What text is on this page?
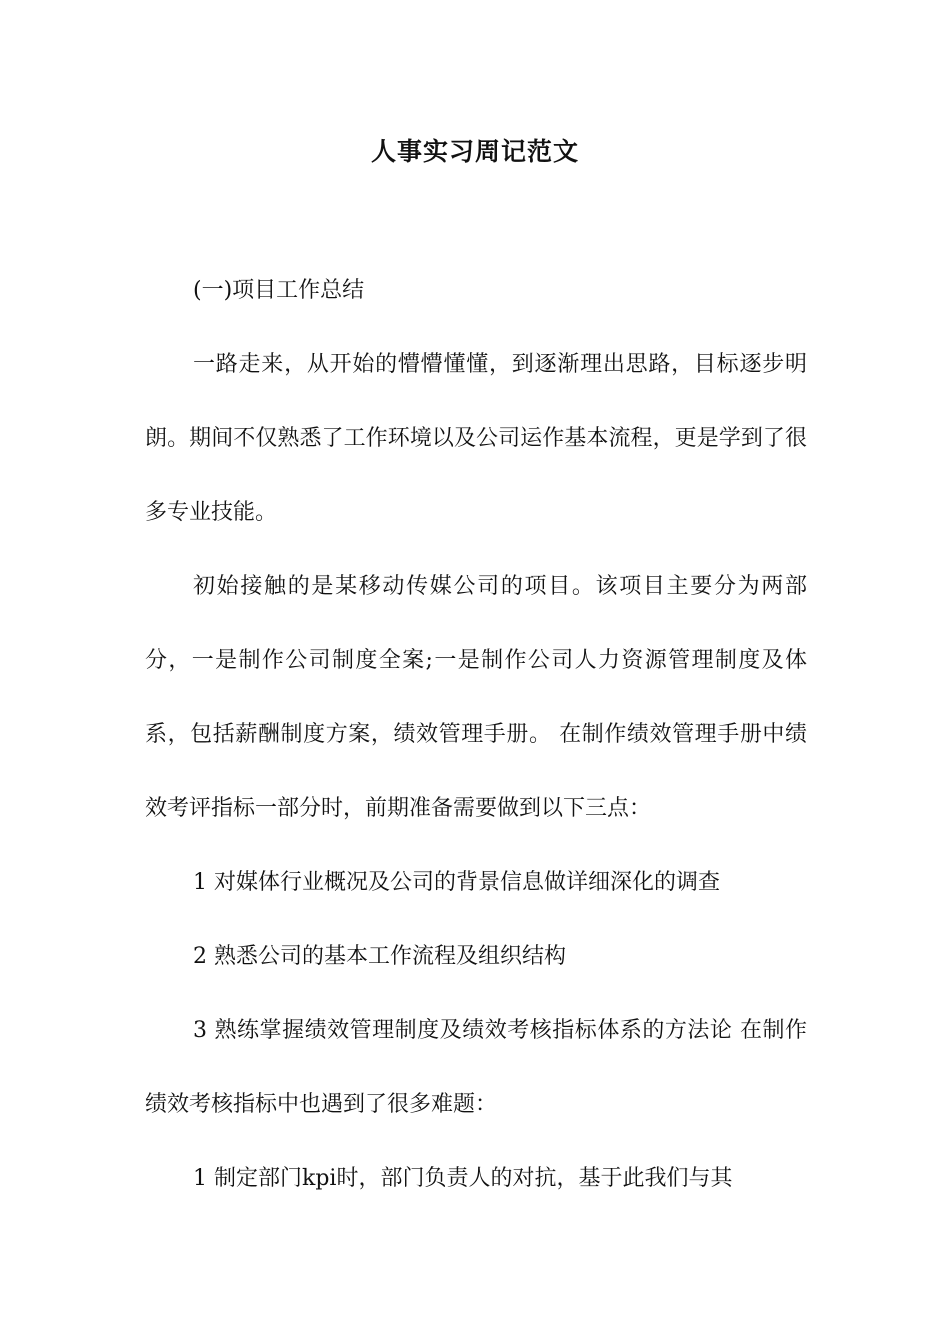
人事实习周记范文

(一)项目工作总结

一路走来，从开始的懵懵懂懂，到逐渐理出思路，目标逐步明朗。期间不仅熟悉了工作环境以及公司运作基本流程，更是学到了很多专业技能。

初始接触的是某移动传媒公司的项目。该项目主要分为两部分，一是制作公司制度全案;一是制作公司人力资源管理制度及体系，包括薪酬制度方案，绩效管理手册。 在制作绩效管理手册中绩效考评指标一部分时，前期准备需要做到以下三点：

1 对媒体行业概况及公司的背景信息做详细深化的调查

2 熟悉公司的基本工作流程及组织结构

3 熟练掌握绩效管理制度及绩效考核指标体系的方法论 在制作绩效考核指标中也遇到了很多难题：

1 制定部门kpi时，部门负责人的对抗，基于此我们与其
